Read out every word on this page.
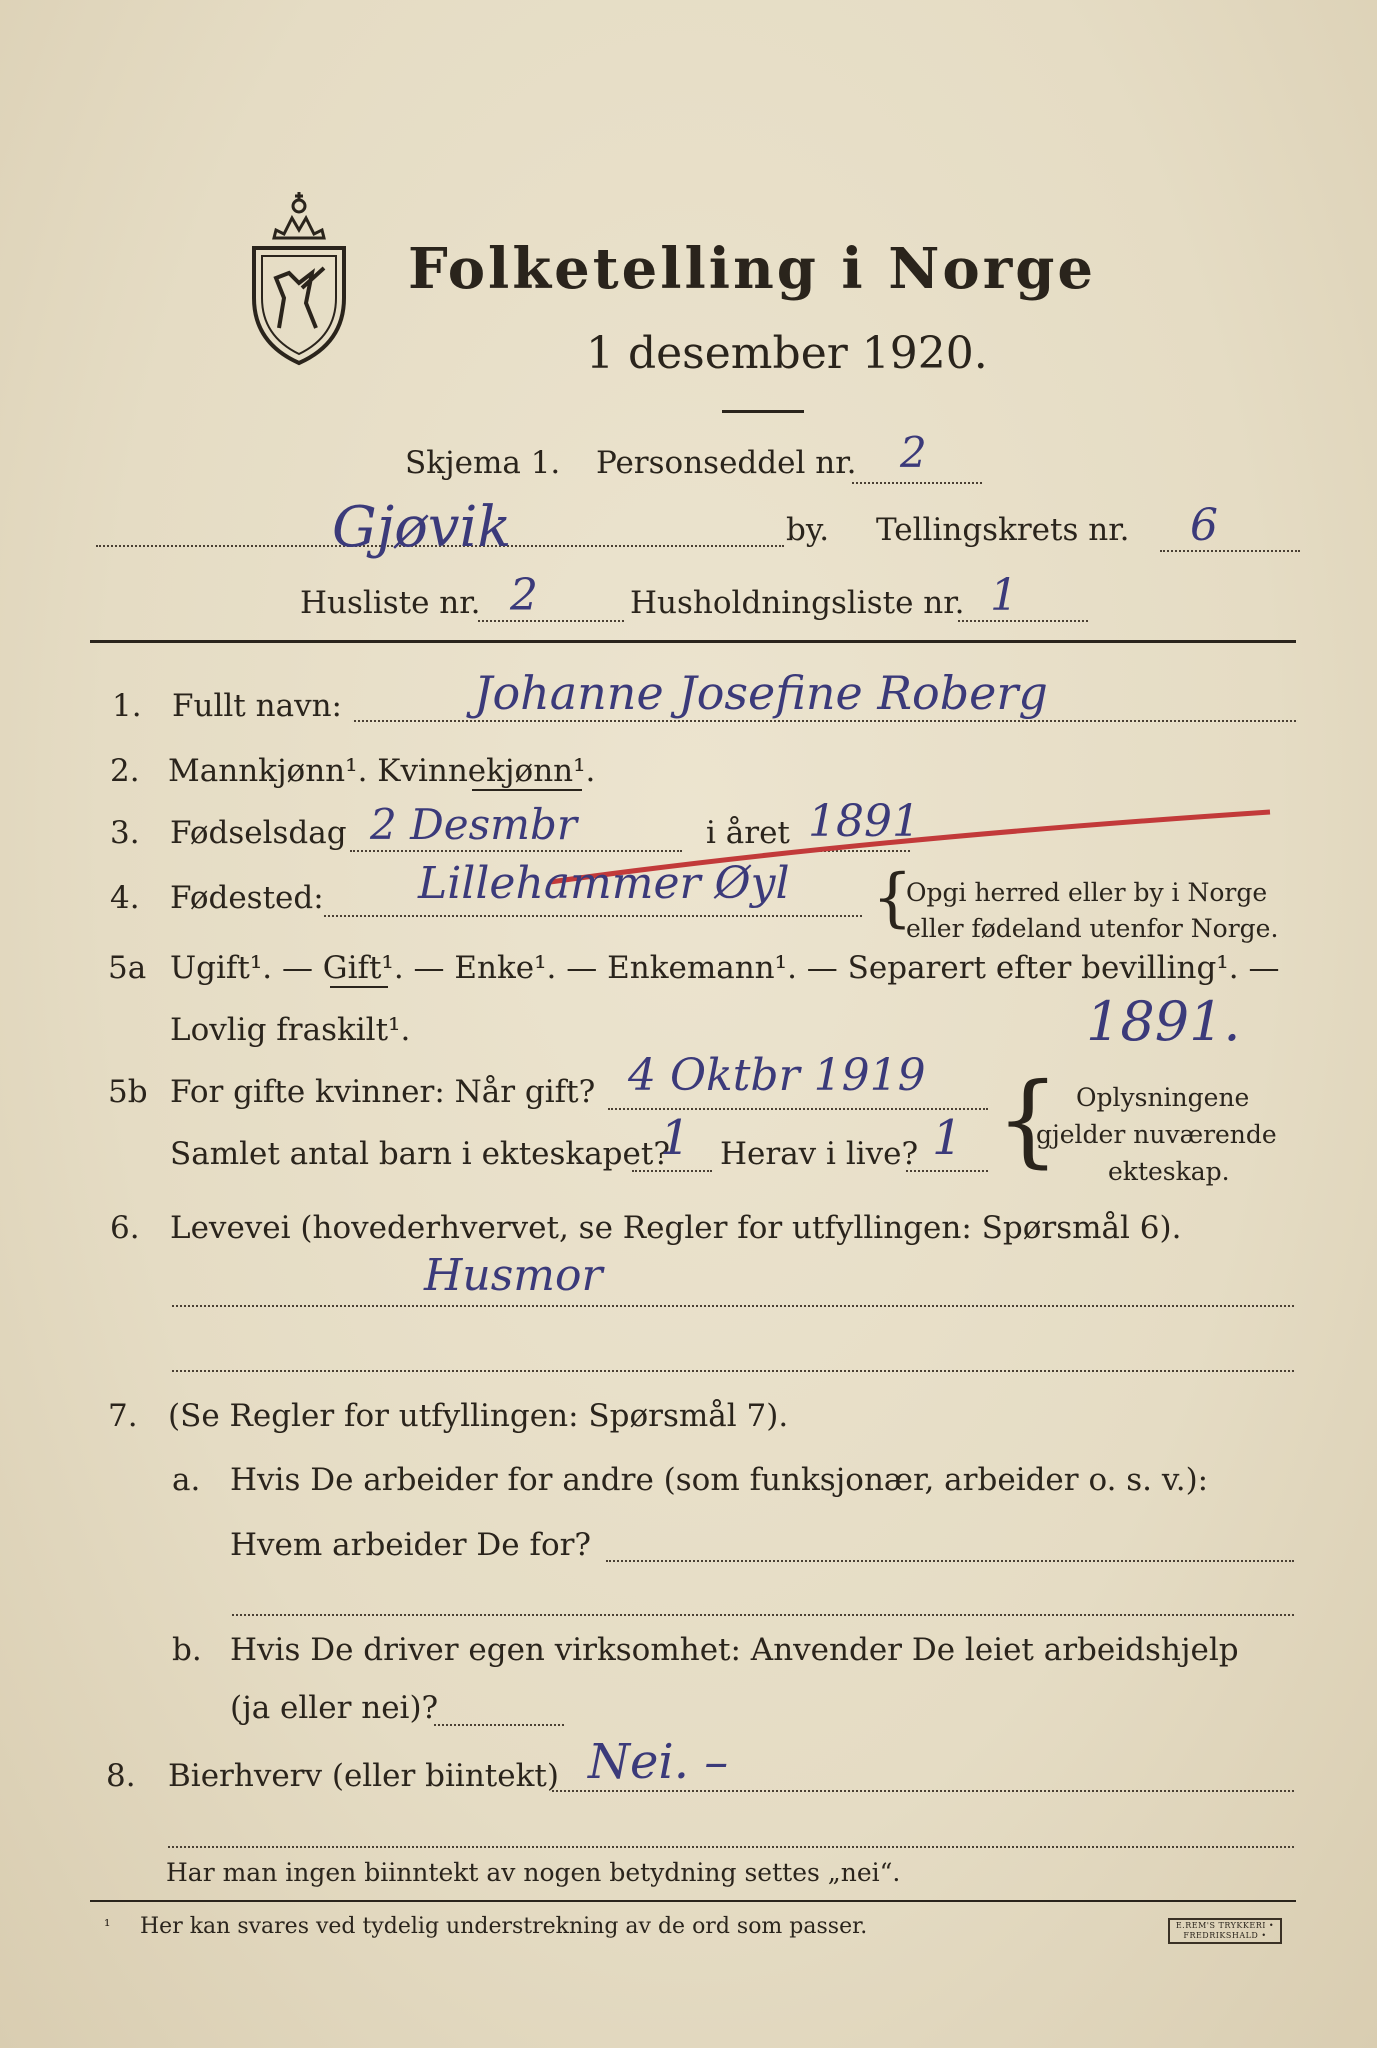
Folketelling i Norge
1 desember 1920.
Skjema 1. Personseddel nr. 2
Gjøvik	by. Tellingskrets nr. 6
Husliste nr. 2	Husholdningsliste nr. 1
1. Fullt navn:	Johanne Josefine Roberg
2. Mannkjønn¹. Kvinnekjønn¹.
3. Fødselsdag 2 Desmbr	i året 1891
4. Fødested: Lillehammer Øyl {
Opgi herred eller by i Norge
eller fødeland utenfor Norge.
5a Ugift¹. — Gift¹. — Enke¹. — Enkemann¹. — Separert efter bevilling¹. —
Lovlig fraskilt¹.	1891.
5b For gifte kvinner: Når gift? 4 Oktbr 1919
Samlet antal barn i ekteskapet?
1 Herav i live? 1 { Oplysningene
gjelder nuværende
ekteskap.
6. Levevei (hovederhvervet, se Regler for utfyllingen: Spørsmål 6).
Husmor
7. (Se Regler for utfyllingen: Spørsmål 7).
a. Hvis De arbeider for andre (som funksjonær, arbeider o. s. v.):
Hvem arbeider De for?
b. Hvis De driver egen virksomhet: Anvender De leiet arbeidshjelp
(ja eller nei)?
8. Bierhverv (eller biintekt) Nei. –
Har man ingen biinntekt av nogen betydning settes „nei“.
¹ Her kan svares ved tydelig understrekning av de ord som passer.	E.REM'S TRYKKERI • FREDRIKSHALD •
